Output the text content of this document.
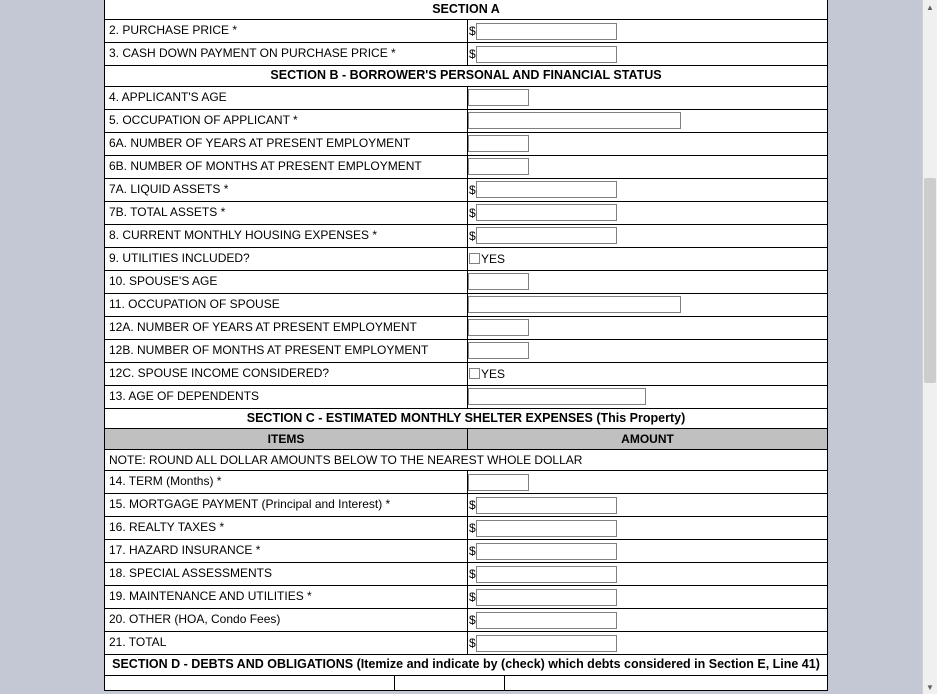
SECTION A
2. PURCHASE PRICE *	$
3. CASH DOWN PAYMENT ON PURCHASE PRICE *	$
SECTION B - BORROWER'S PERSONAL AND FINANCIAL STATUS
4. APPLICANT'S AGE
5. OCCUPATION OF APPLICANT *
6A. NUMBER OF YEARS AT PRESENT EMPLOYMENT
6B. NUMBER OF MONTHS AT PRESENT EMPLOYMENT
7A. LIQUID ASSETS *	$
7B. TOTAL ASSETS *	$
8. CURRENT MONTHLY HOUSING EXPENSES *	$
9. UTILITIES INCLUDED?	YES
10. SPOUSE'S AGE
11. OCCUPATION OF SPOUSE
12A. NUMBER OF YEARS AT PRESENT EMPLOYMENT
12B. NUMBER OF MONTHS AT PRESENT EMPLOYMENT
12C. SPOUSE INCOME CONSIDERED?	YES
13. AGE OF DEPENDENTS
SECTION C - ESTIMATED MONTHLY SHELTER EXPENSES (This Property)
ITEMS	AMOUNT
NOTE: ROUND ALL DOLLAR AMOUNTS BELOW TO THE NEAREST WHOLE DOLLAR
14. TERM (Months) *
15. MORTGAGE PAYMENT (Principal and Interest) *	$
16. REALTY TAXES *	$
17. HAZARD INSURANCE *	$
18. SPECIAL ASSESSMENTS	$
19. MAINTENANCE AND UTILITIES *	$
20. OTHER (HOA, Condo Fees)	$
21. TOTAL	$
SECTION D - DEBTS AND OBLIGATIONS (Itemize and indicate by (check) which debts considered in Section E, Line 41)

▲
▼
